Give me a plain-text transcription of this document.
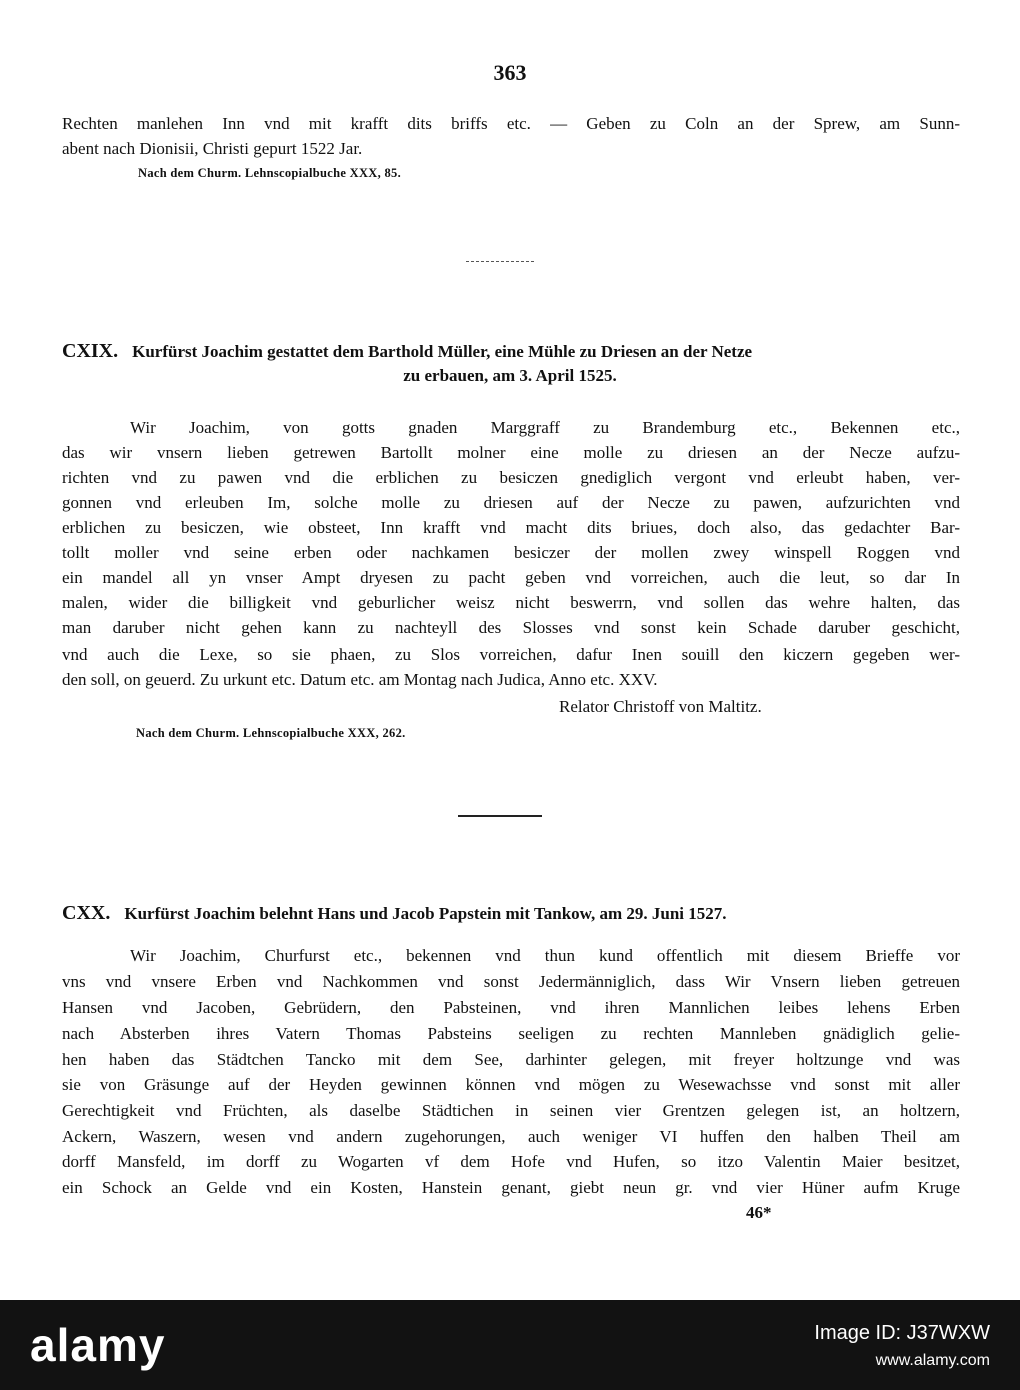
363
Rechten manlehen Inn vnd mit krafft dits briffs etc. — Geben zu Coln an der Sprew, am Sunn-
abent nach Dionisii, Christi gepurt 1522 Jar.
Nach dem Churm. Lehnscopialbuche XXX, 85.
CXIX. Kurfürst Joachim gestattet dem Barthold Müller, eine Mühle zu Driesen an der Netze
zu erbauen, am 3. April 1525.
Wir Joachim, von gotts gnaden Marggraff zu Brandemburg etc., Bekennen etc.,
das wir vnsern lieben getrewen Bartollt molner eine molle zu driesen an der Necze aufzu-
richten vnd zu pawen vnd die erblichen zu besiczen gnediglich vergont vnd erleubt haben, ver-
gonnen vnd erleuben Im, solche molle zu driesen auf der Necze zu pawen, aufzurichten vnd
erblichen zu besiczen, wie obsteet, Inn krafft vnd macht dits briues, doch also, das gedachter Bar-
tollt moller vnd seine erben oder nachkamen besiczer der mollen zwey winspell Roggen vnd
ein mandel all yn vnser Ampt dryesen zu pacht geben vnd vorreichen, auch die leut, so dar In
malen, wider die billigkeit vnd geburlicher weisz nicht beswerrn, vnd sollen das wehre halten, das
man daruber nicht gehen kann zu nachteyll des Slosses vnd sonst kein Schade daruber geschicht,
vnd auch die Lexe, so sie phaen, zu Slos vorreichen, dafur Inen souill den kiczern gegeben wer-
den soll, on geuerd. Zu urkunt etc. Datum etc. am Montag nach Judica, Anno etc. XXV.
Relator Christoff von Maltitz.
Nach dem Churm. Lehnscopialbuche XXX, 262.
CXX. Kurfürst Joachim belehnt Hans und Jacob Papstein mit Tankow, am 29. Juni 1527.
Wir Joachim, Churfurst etc., bekennen vnd thun kund offentlich mit diesem Brieffe vor
vns vnd vnsere Erben vnd Nachkommen vnd sonst Jedermänniglich, dass Wir Vnsern lieben getreuen
Hansen vnd Jacoben, Gebrüdern, den Pabsteinen, vnd ihren Mannlichen leibes lehens Erben
nach Absterben ihres Vatern Thomas Pabsteins seeligen zu rechten Mannleben gnädiglich gelie-
hen haben das Städtchen Tancko mit dem See, darhinter gelegen, mit freyer holtzunge vnd was
sie von Gräsunge auf der Heyden gewinnen können vnd mögen zu Wesewachsse vnd sonst mit aller
Gerechtigkeit vnd Früchten, als daselbe Städtichen in seinen vier Grentzen gelegen ist, an holtzern,
Ackern, Waszern, wesen vnd andern zugehorungen, auch weniger VI huffen den halben Theil am
dorff Mansfeld, im dorff zu Wogarten vf dem Hofe vnd Hufen, so itzo Valentin Maier besitzet,
ein Schock an Gelde vnd ein Kosten, Hanstein genant, giebt neun gr. vnd vier Hüner aufm Kruge
46*
alamy	Image ID: J37WXW
www.alamy.com
